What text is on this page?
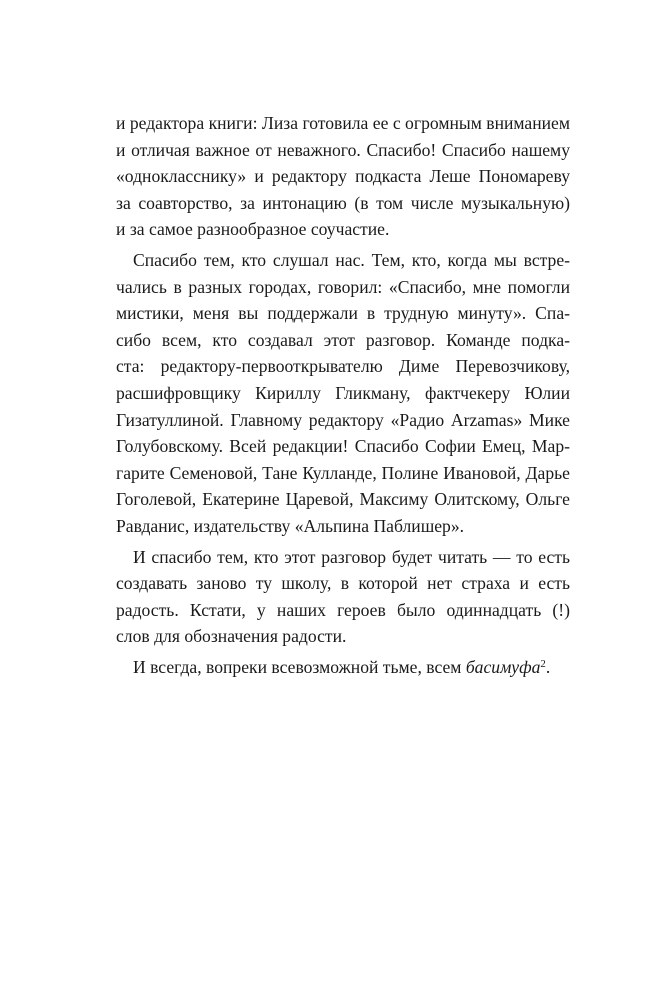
и редактора книги: Лиза готовила ее с огромным вниманием
и отличая важное от неважного. Спасибо! Спасибо нашему
«однокласснику» и редактору подкаста Леше Пономареву
за соавторство, за интонацию (в том числе музыкальную)
и за самое разнообразное соучастие.
Спасибо тем, кто слушал нас. Тем, кто, когда мы встре-
чались в разных городах, говорил: «Спасибо, мне помогли
мистики, меня вы поддержали в трудную минуту». Спа-
сибо всем, кто создавал этот разговор. Команде подка-
ста: редактору-первооткрывателю Диме Перевозчикову,
расшифровщику Кириллу Гликману, фактчекеру Юлии
Гизатуллиной. Главному редактору «Радио Arzamas» Мике
Голубовскому. Всей редакции! Спасибо Софии Емец, Мар-
гарите Семеновой, Тане Кулланде, Полине Ивановой, Дарье
Гоголевой, Екатерине Царевой, Максиму Олитскому, Ольге
Равданис, издательству «Альпина Паблишер».
И спасибо тем, кто этот разговор будет читать — то есть
создавать заново ту школу, в которой нет страха и есть
радость. Кстати, у наших героев было одиннадцать (!)
слов для обозначения радости.
И всегда, вопреки всевозможной тьме, всем басимуфа$^2$.
